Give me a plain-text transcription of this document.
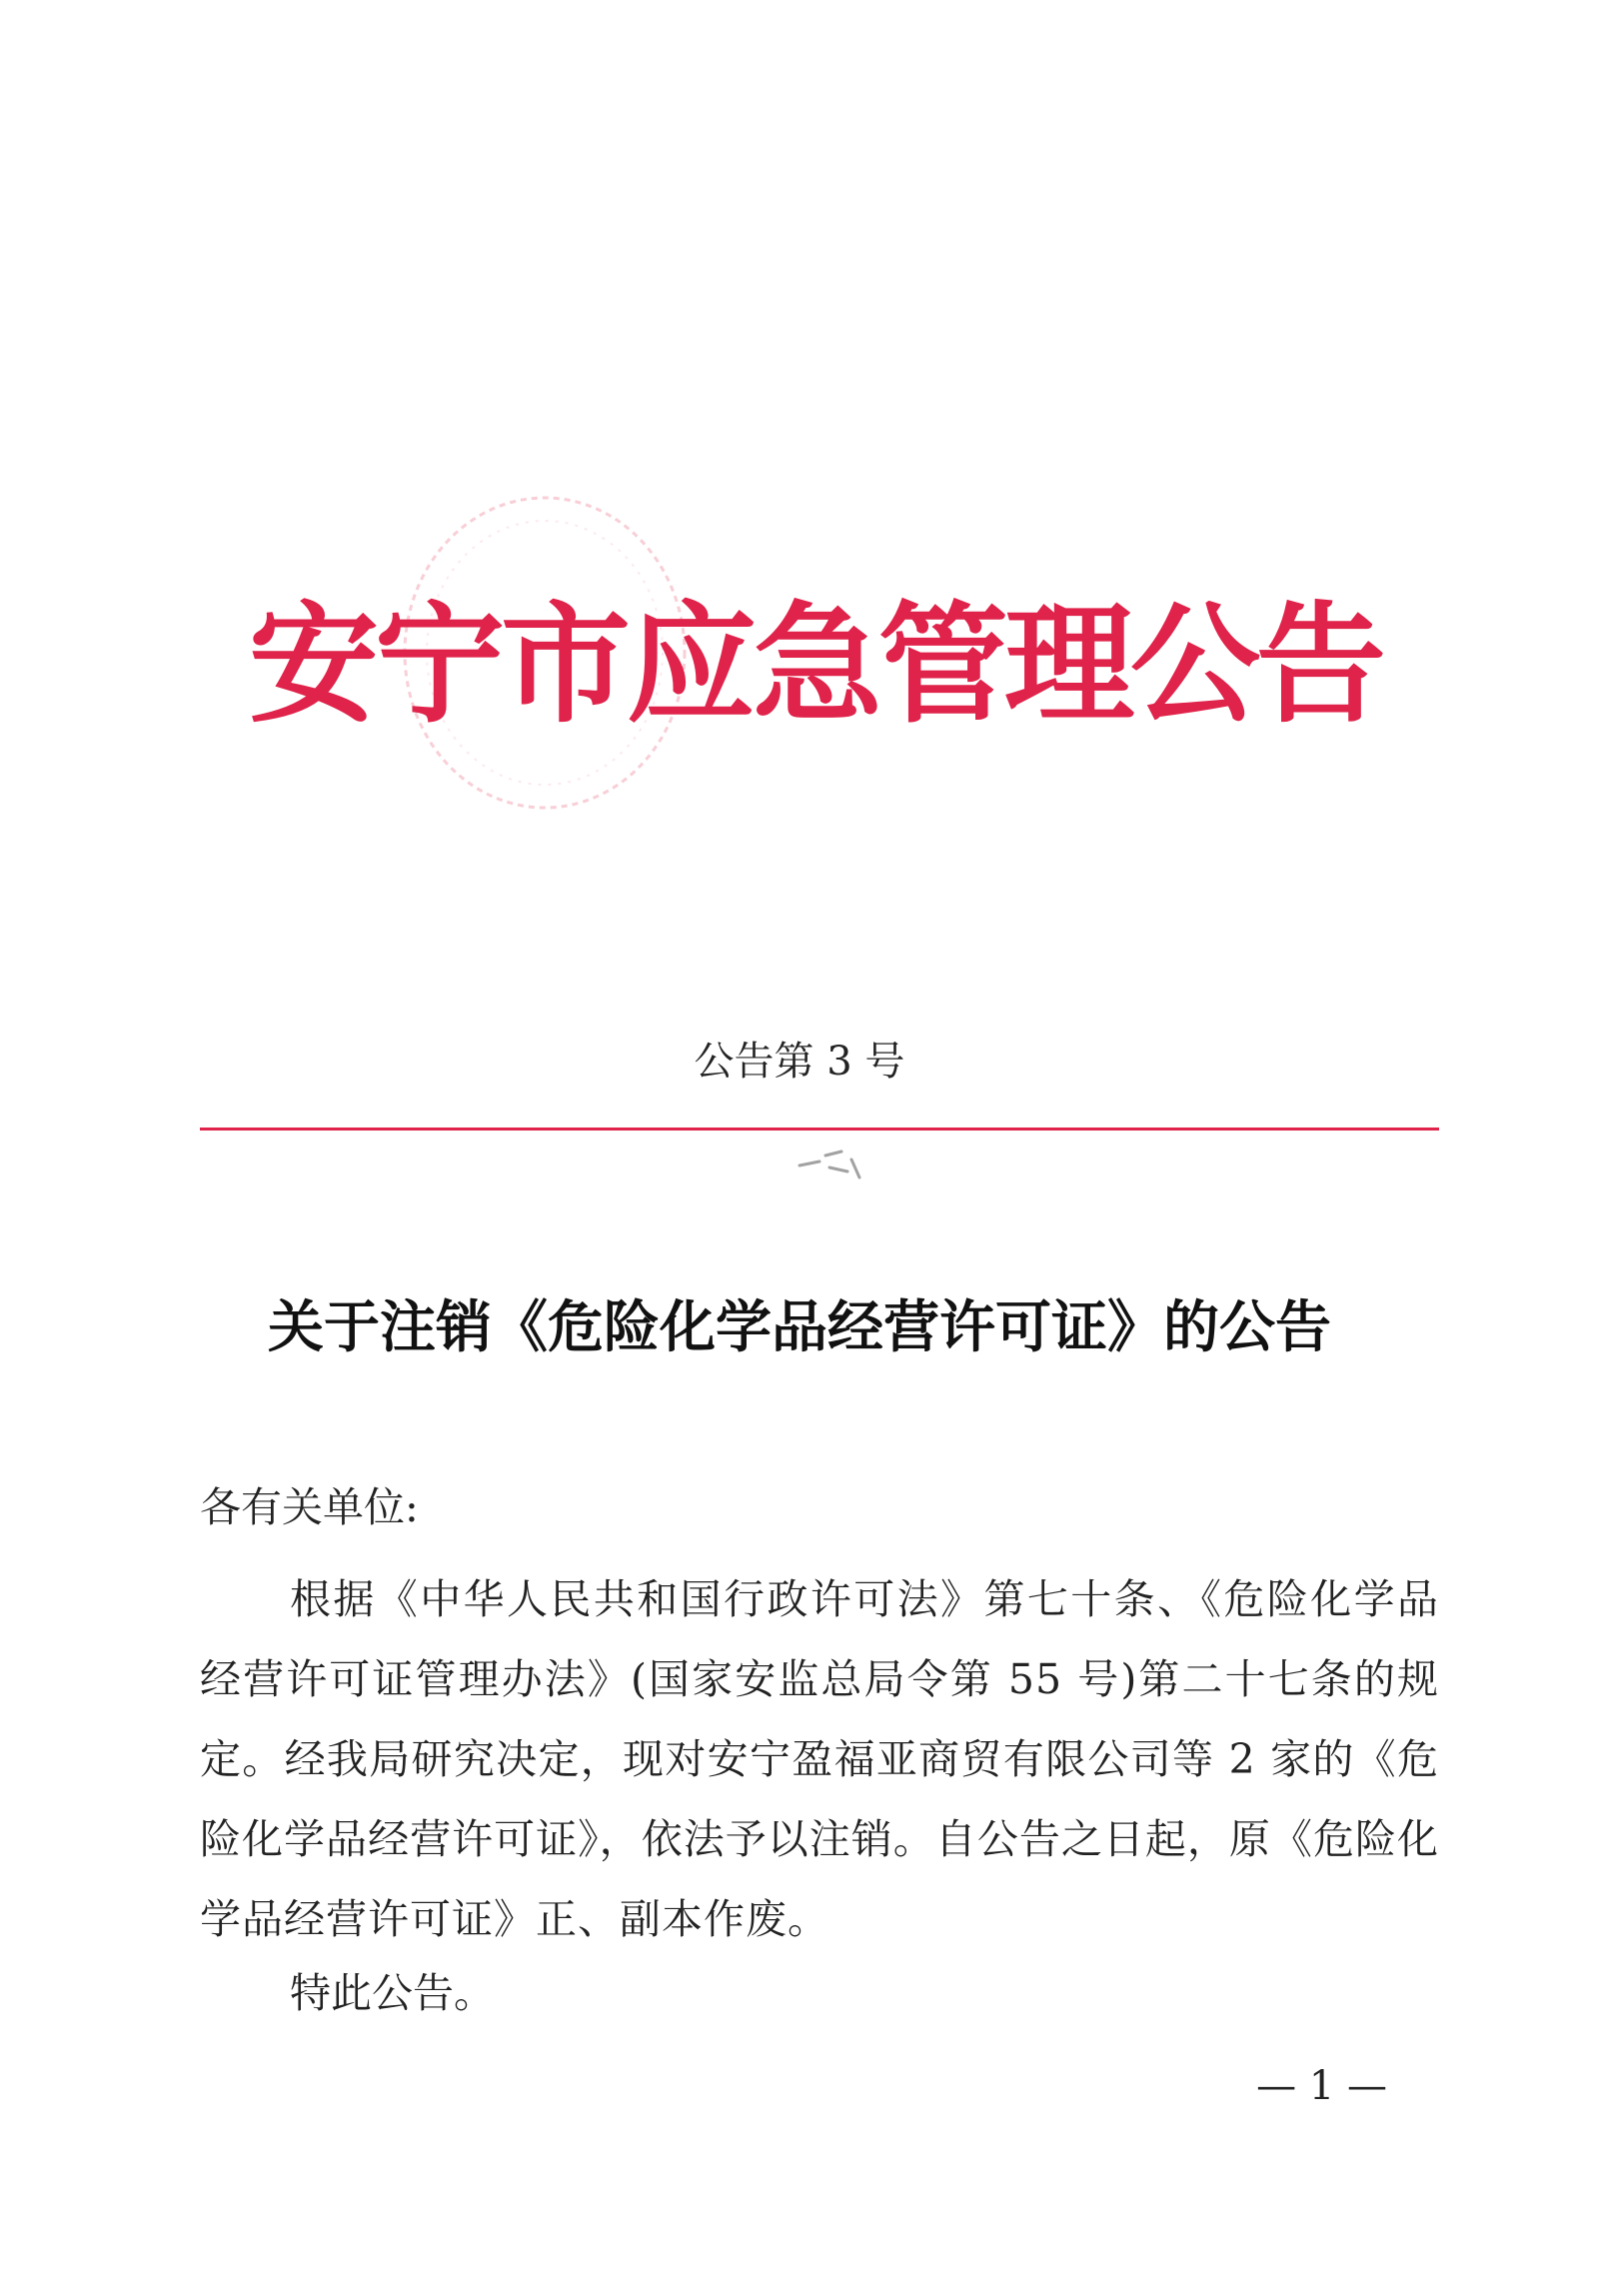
安宁市应急管理公告
公告第 3 号
关于注销《危险化学品经营许可证》的公告
各有关单位:
根据《中华人民共和国行政许可法》第七十条、《危险化学品经营许可证管理办法》(国家安监总局令第 55 号)第二十七条的规定。经我局研究决定，现对安宁盈福亚商贸有限公司等 2 家的《危险化学品经营许可证》，依法予以注销。自公告之日起，原《危险化学品经营许可证》正、副本作废。
特此公告。
— 1 —
